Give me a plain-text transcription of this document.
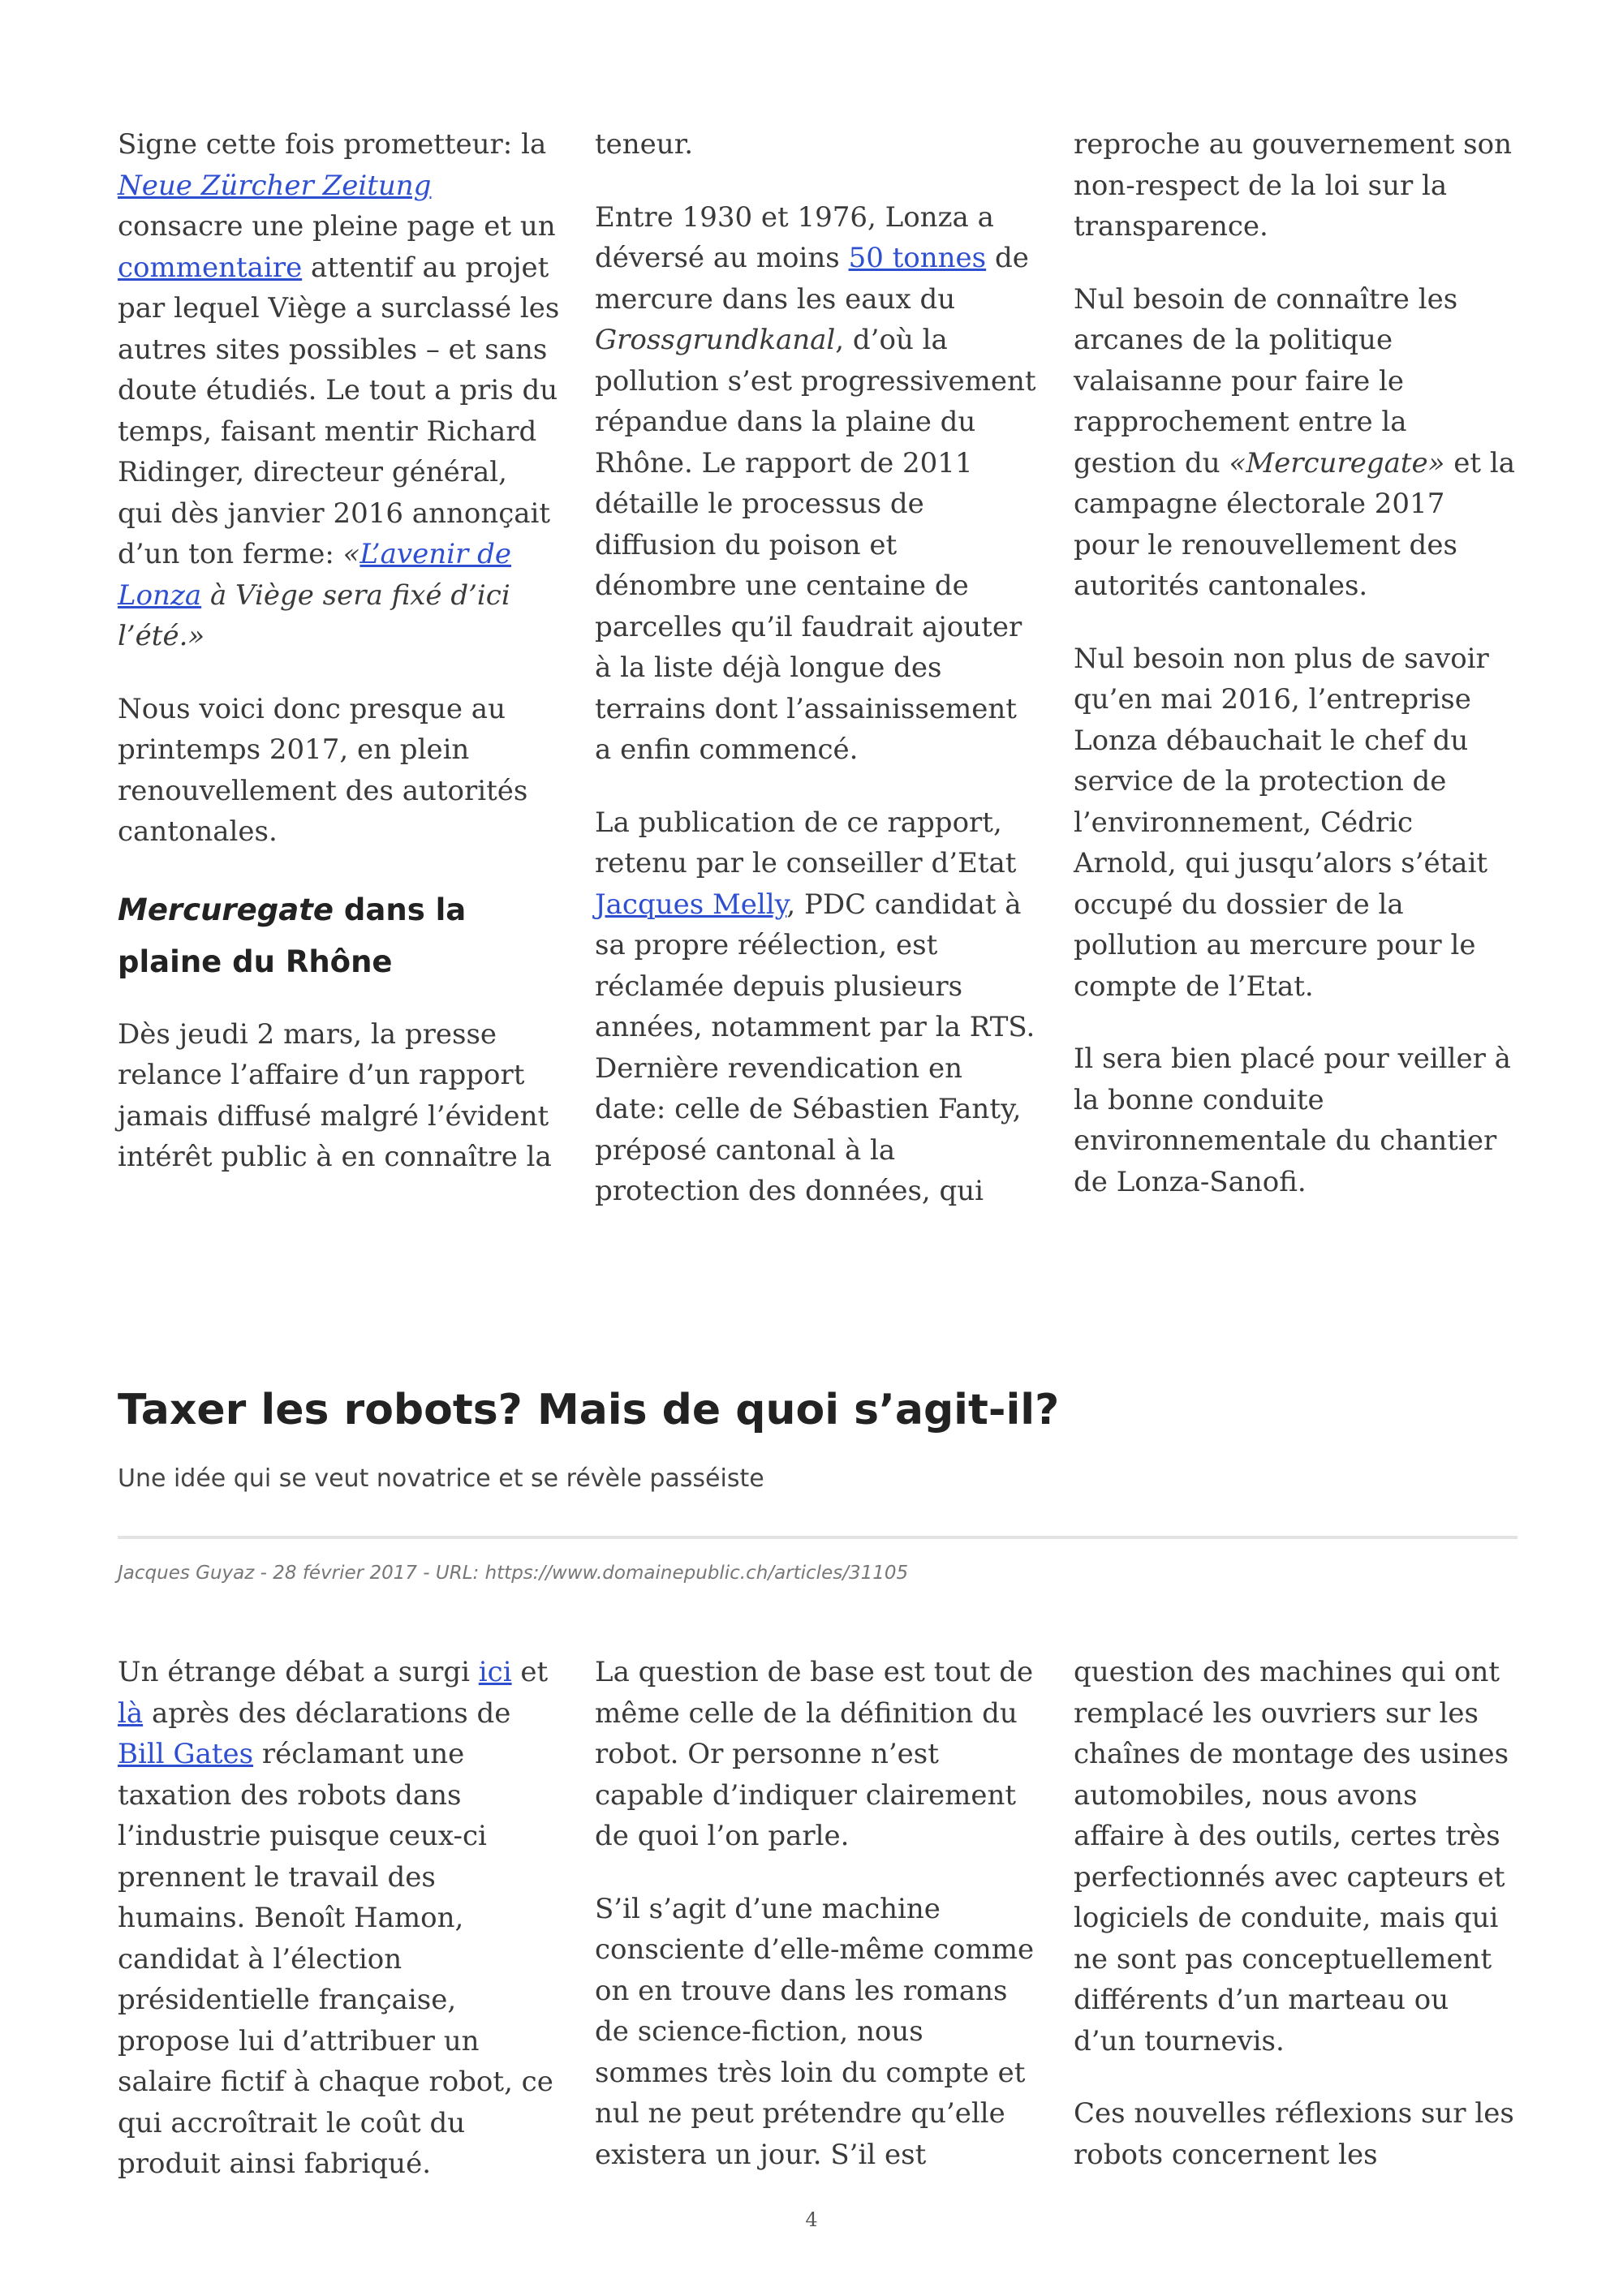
Signe cette fois prometteur: la Neue Zürcher Zeitung consacre une pleine page et un commentaire attentif au projet par lequel Viège a surclassé les autres sites possibles – et sans doute étudiés. Le tout a pris du temps, faisant mentir Richard Ridinger, directeur général, qui dès janvier 2016 annonçait d’un ton ferme: «L’avenir de Lonza à Viège sera fixé d’ici l’été.»

Nous voici donc presque au printemps 2017, en plein renouvellement des autorités cantonales.

Mercuregate dans la plaine du Rhône

Dès jeudi 2 mars, la presse relance l’affaire d’un rapport jamais diffusé malgré l’évident intérêt public à en connaître la

teneur.

Entre 1930 et 1976, Lonza a déversé au moins 50 tonnes de mercure dans les eaux du Grossgrundkanal, d’où la pollution s’est progressivement répandue dans la plaine du Rhône. Le rapport de 2011 détaille le processus de diffusion du poison et dénombre une centaine de parcelles qu’il faudrait ajouter à la liste déjà longue des terrains dont l’assainissement a enfin commencé.

La publication de ce rapport, retenu par le conseiller d’Etat Jacques Melly, PDC candidat à sa propre réélection, est réclamée depuis plusieurs années, notamment par la RTS. Dernière revendication en date: celle de Sébastien Fanty, préposé cantonal à la protection des données, qui

reproche au gouvernement son non-respect de la loi sur la transparence.

Nul besoin de connaître les arcanes de la politique valaisanne pour faire le rapprochement entre la gestion du «Mercuregate» et la campagne électorale 2017 pour le renouvellement des autorités cantonales.

Nul besoin non plus de savoir qu’en mai 2016, l’entreprise Lonza débauchait le chef du service de la protection de l’environnement, Cédric Arnold, qui jusqu’alors s’était occupé du dossier de la pollution au mercure pour le compte de l’Etat.

Il sera bien placé pour veiller à la bonne conduite environnementale du chantier de Lonza-Sanofi.

Taxer les robots? Mais de quoi s’agit-il?
Une idée qui se veut novatrice et se révèle passéiste
Jacques Guyaz - 28 février 2017 - URL: https://www.domainepublic.ch/articles/31105

Un étrange débat a surgi ici et là après des déclarations de Bill Gates réclamant une taxation des robots dans l’industrie puisque ceux-ci prennent le travail des humains. Benoît Hamon, candidat à l’élection présidentielle française, propose lui d’attribuer un salaire fictif à chaque robot, ce qui accroîtrait le coût du produit ainsi fabriqué.

La question de base est tout de même celle de la définition du robot. Or personne n’est capable d’indiquer clairement de quoi l’on parle.

S’il s’agit d’une machine consciente d’elle-même comme on en trouve dans les romans de science-fiction, nous sommes très loin du compte et nul ne peut prétendre qu’elle existera un jour. S’il est

question des machines qui ont remplacé les ouvriers sur les chaînes de montage des usines automobiles, nous avons affaire à des outils, certes très perfectionnés avec capteurs et logiciels de conduite, mais qui ne sont pas conceptuellement différents d’un marteau ou d’un tournevis.

Ces nouvelles réflexions sur les robots concernent les

4
